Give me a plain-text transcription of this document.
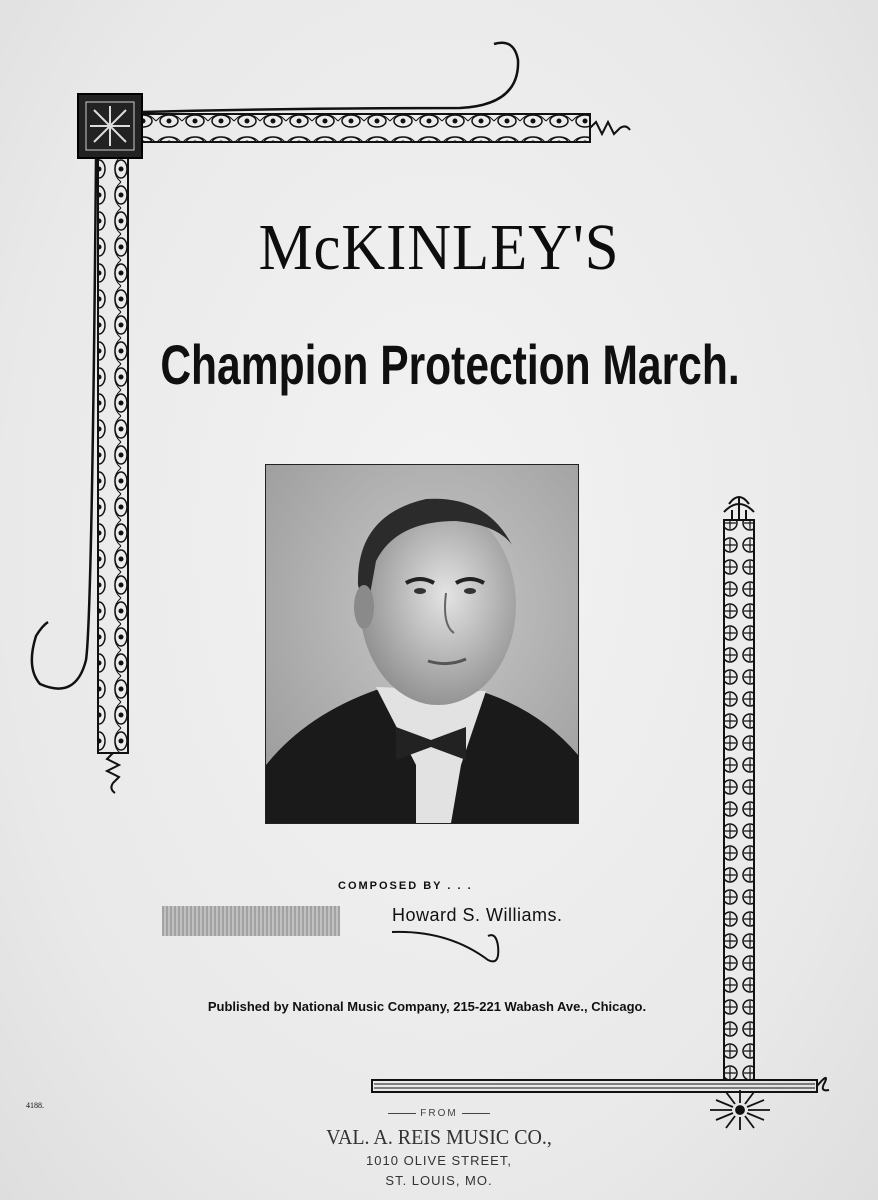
McKINLEY'S
Champion Protection March.
COMPOSED BY . . .
Howard S. Williams.
Published by National Music Company, 215-221 Wabash Ave., Chicago.
4188.
FROM
VAL. A. REIS MUSIC CO.,
1010 OLIVE STREET,
ST. LOUIS, MO.
